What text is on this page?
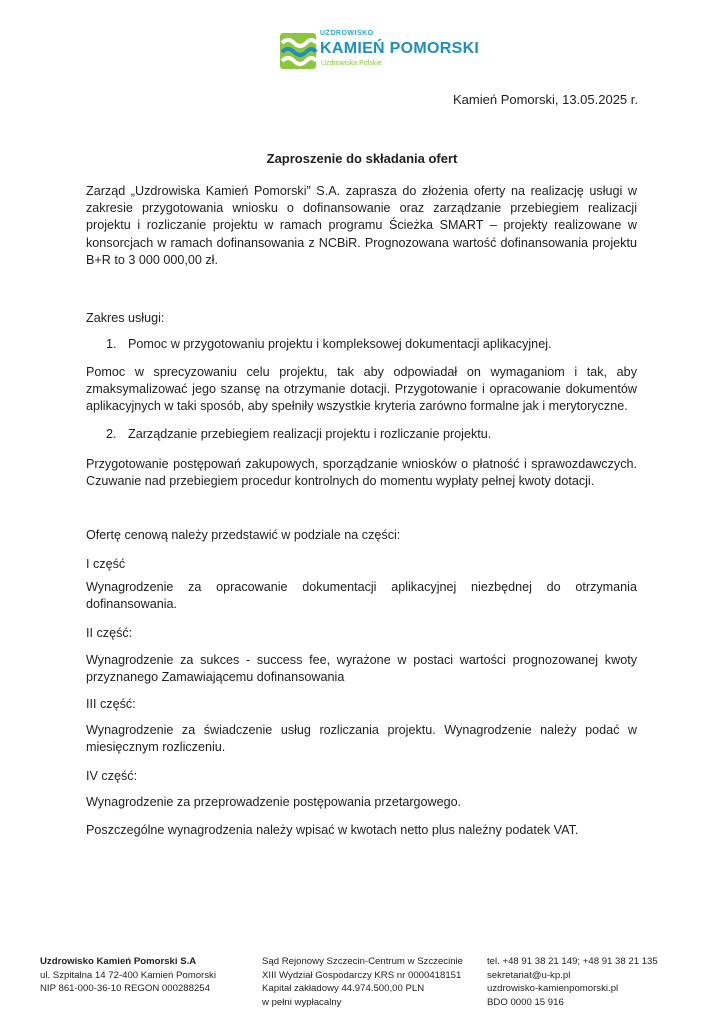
UZDROWISKO
KAMIEŃ POMORSKI
Uzdrowiska Polskie
Kamień Pomorski, 13.05.2025 r.
Zaproszenie do składania ofert

Zarząd „Uzdrowiska Kamień Pomorski” S.A. zaprasza do złożenia oferty na realizację usługi w zakresie przygotowania wniosku o dofinansowanie oraz zarządzanie przebiegiem realizacji projektu i rozliczanie projektu w ramach programu Ścieżka SMART – projekty realizowane w konsorcjach w ramach dofinansowania z NCBiR. Prognozowana wartość dofinansowania projektu B+R to 3 000 000,00 zł.

Zakres usługi:

1. Pomoc w przygotowaniu projektu i kompleksowej dokumentacji aplikacyjnej.

Pomoc w sprecyzowaniu celu projektu, tak aby odpowiadał on wymaganiom i tak, aby zmaksymalizować jego szansę na otrzymanie dotacji. Przygotowanie i opracowanie dokumentów aplikacyjnych w taki sposób, aby spełniły wszystkie kryteria zarówno formalne jak i merytoryczne.

2. Zarządzanie przebiegiem realizacji projektu i rozliczanie projektu.

Przygotowanie postępowań zakupowych, sporządzanie wniosków o płatność i sprawozdawczych. Czuwanie nad przebiegiem procedur kontrolnych do momentu wypłaty pełnej kwoty dotacji.

Ofertę cenową należy przedstawić w podziale na części:

I część

Wynagrodzenie za opracowanie dokumentacji aplikacyjnej niezbędnej do otrzymania dofinansowania.

II część:

Wynagrodzenie za sukces - success fee, wyrażone w postaci wartości prognozowanej kwoty przyznanego Zamawiającemu dofinansowania

III część:

Wynagrodzenie za świadczenie usług rozliczania projektu. Wynagrodzenie należy podać w miesięcznym rozliczeniu.

IV część:

Wynagrodzenie za przeprowadzenie postępowania przetargowego.

Poszczególne wynagrodzenia należy wpisać w kwotach netto plus należny podatek VAT.

Uzdrowisko Kamień Pomorski S.A
ul. Szpitalna 14 72-400 Kamień Pomorski
NIP 861-000-36-10 REGON 000288254
Sąd Rejonowy Szczecin-Centrum w Szczecinie
XIII Wydział Gospodarczy KRS nr 0000418151
Kapitał zakładowy 44.974.500,00 PLN
w pełni wypłacalny
tel. +48 91 38 21 149; +48 91 38 21 135
sekretariat@u-kp.pl
uzdrowisko-kamienpomorski.pl
BDO 0000 15 916
